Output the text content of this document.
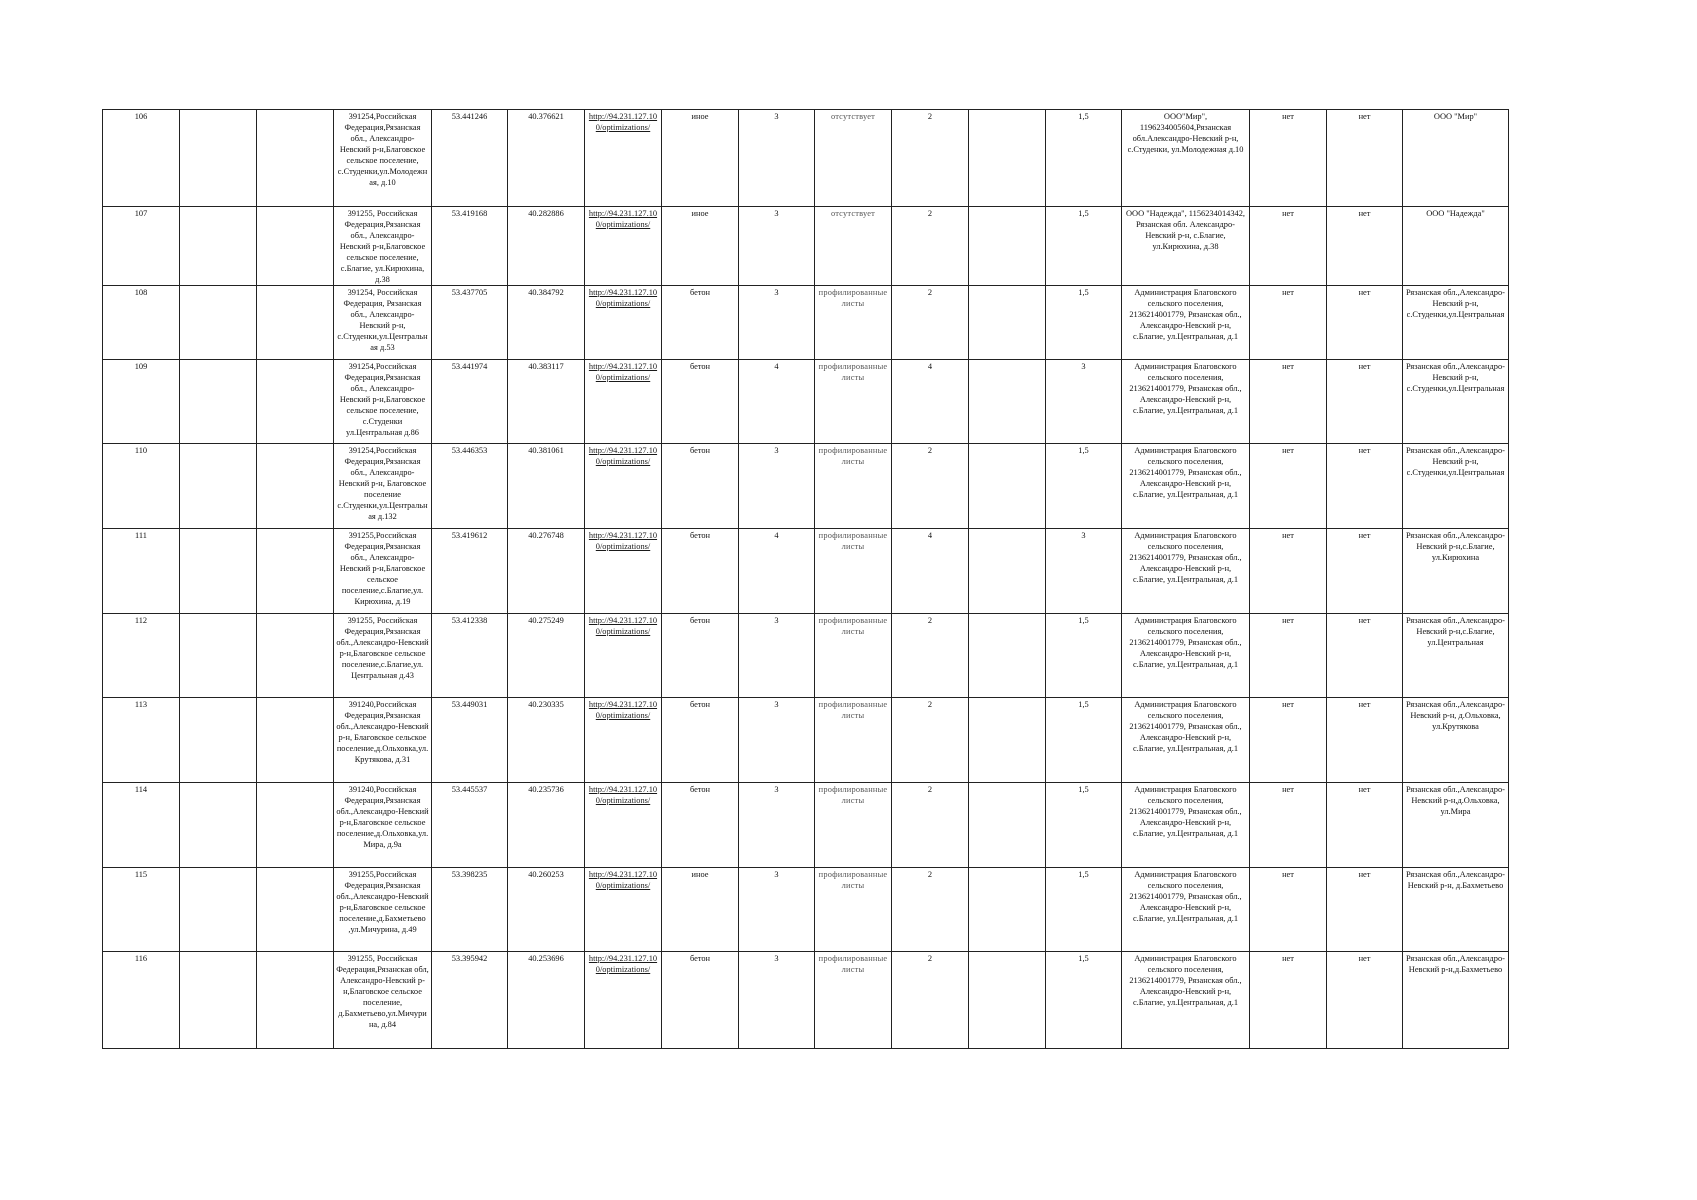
106			391254,Российская Федерация,Рязанская обл., Александро-Невский р-н,Благовское сельское поселение, с.Студенки,ул.Молодежная, д.10	53.441246	40.376621	http://94.231.127.100/optimizations/	иное	3	отсутствует	2		1,5	ООО"Мир", 1196234005604,Рязанская обл.Александро-Невский р-н, с.Студенки, ул.Молодежная д.10	нет	нет	ООО "Мир"
107			391255, Российская Федерация,Рязанская обл., Александро-Невский р-н,Благовское сельское поселение, с.Благие, ул.Кирюхина, д.38	53.419168	40.282886	http://94.231.127.100/optimizations/	иное	3	отсутствует	2		1,5	ООО "Надежда", 1156234014342, Рязанская обл. Александро-Невский р-н, с.Благие, ул.Кирюхина, д.38	нет	нет	ООО "Надежда"
108			391254, Российская Федерация, Рязанская обл., Александро-Невский р-н, с.Студенки,ул.Центральная д.53	53.437705	40.384792	http://94.231.127.100/optimizations/	бетон	3	профилированные листы	2		1,5	Администрация Благовского сельского поселения, 2136214001779, Рязанская обл., Александро-Невский р-н, с.Благие, ул.Центральная, д.1	нет	нет	Рязанская обл.,Александро-Невский р-н, с.Студенки,ул.Центральная
109			391254,Российская Федерация,Рязанская обл., Александро-Невский р-н,Благовское сельское поселение, с.Студенки ул.Центральная д.86	53.441974	40.383117	http://94.231.127.100/optimizations/	бетон	4	профилированные листы	4		3	Администрация Благовского сельского поселения, 2136214001779, Рязанская обл., Александро-Невский р-н, с.Благие, ул.Центральная, д.1	нет	нет	Рязанская обл.,Александро-Невский р-н, с.Студенки,ул.Центральная
110			391254,Российская Федерация,Рязанская обл., Александро-Невский р-н, Благовское поселение с.Студенки,ул.Центральная д.132	53.446353	40.381061	http://94.231.127.100/optimizations/	бетон	3	профилированные листы	2		1,5	Администрация Благовского сельского поселения, 2136214001779, Рязанская обл., Александро-Невский р-н, с.Благие, ул.Центральная, д.1	нет	нет	Рязанская обл.,Александро-Невский р-н, с.Студенки,ул.Центральная
111			391255,Российская Федерация,Рязанская обл., Александро-Невский р-н,Благовское сельское поселение,с.Благие,ул. Кирюхина, д.19	53.419612	40.276748	http://94.231.127.100/optimizations/	бетон	4	профилированные листы	4		3	Администрация Благовского сельского поселения, 2136214001779, Рязанская обл., Александро-Невский р-н, с.Благие, ул.Центральная, д.1	нет	нет	Рязанская обл.,Александро-Невский р-н,с.Благие, ул.Кирюхина
112			391255, Российская Федерация,Рязанская обл.,Александро-Невский р-н,Благовское сельское поселение,с.Благие,ул. Центральная д.43	53.412338	40.275249	http://94.231.127.100/optimizations/	бетон	3	профилированные листы	2		1,5	Администрация Благовского сельского поселения, 2136214001779, Рязанская обл., Александро-Невский р-н, с.Благие, ул.Центральная, д.1	нет	нет	Рязанская обл.,Александро-Невский р-н,с.Благие, ул.Центральная
113			391240,Российская Федерация,Рязанская обл.,Александро-Невский р-н, Благовское сельское поселение,д.Ольховка,ул.Крутякова, д.31	53.449031	40.230335	http://94.231.127.100/optimizations/	бетон	3	профилированные листы	2		1,5	Администрация Благовского сельского поселения, 2136214001779, Рязанская обл., Александро-Невский р-н, с.Благие, ул.Центральная, д.1	нет	нет	Рязанская обл.,Александро-Невский р-н, д.Ольховка, ул.Крутякова
114			391240,Российская Федерация,Рязанская обл.,Александро-Невский р-н,Благовское сельское поселение,д.Ольховка,ул.Мира, д.9а	53.445537	40.235736	http://94.231.127.100/optimizations/	бетон	3	профилированные листы	2		1,5	Администрация Благовского сельского поселения, 2136214001779, Рязанская обл., Александро-Невский р-н, с.Благие, ул.Центральная, д.1	нет	нет	Рязанская обл.,Александро-Невский р-н,д.Ольховка, ул.Мира
115			391255,Российская Федерация,Рязанская обл.,Александро-Невский р-н,Благовское сельское поселение,д.Бахметьево ,ул.Мичурина, д.49	53.398235	40.260253	http://94.231.127.100/optimizations/	иное	3	профилированные листы	2		1,5	Администрация Благовского сельского поселения, 2136214001779, Рязанская обл., Александро-Невский р-н, с.Благие, ул.Центральная, д.1	нет	нет	Рязанская обл.,Александро-Невский р-н, д.Бахметьево
116			391255, Российская Федерация,Рязанская обл, Александро-Невский р-н,Благовское сельское поселение, д.Бахметьево,ул.Мичурина, д.84	53.395942	40.253696	http://94.231.127.100/optimizations/	бетон	3	профилированные листы	2		1,5	Администрация Благовского сельского поселения, 2136214001779, Рязанская обл., Александро-Невский р-н, с.Благие, ул.Центральная, д.1	нет	нет	Рязанская обл.,Александро-Невский р-н,д.Бахметьево
